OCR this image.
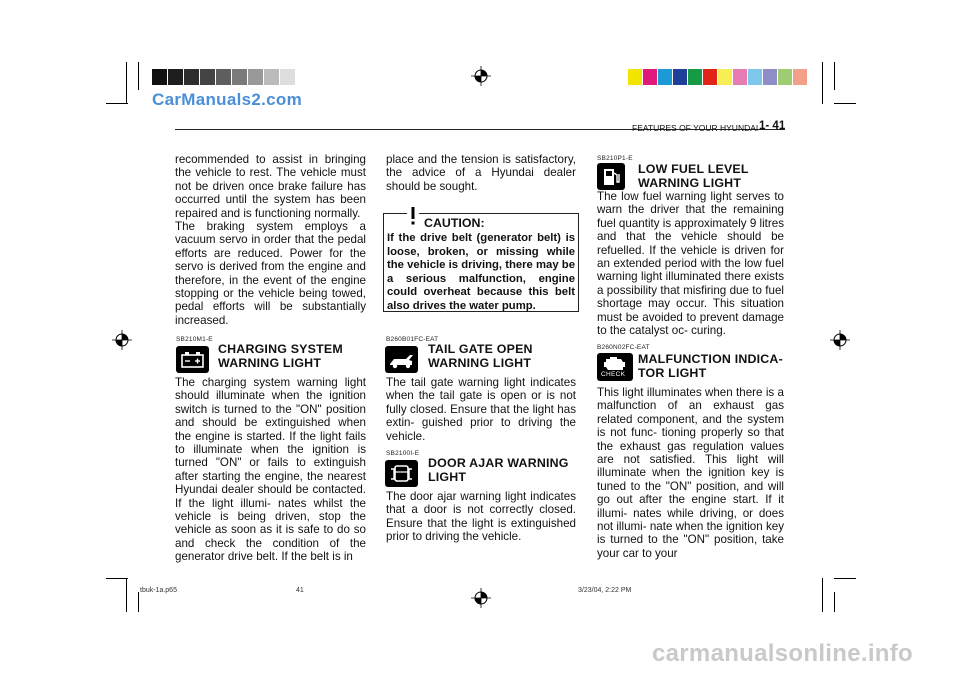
CarManuals2.com
FEATURES OF YOUR HYUNDAI 1- 41

recommended to assist in bringing the vehicle to rest. The vehicle must not be driven once brake failure has occurred until the system has been repaired and is functioning normally.
The braking system employs a vacuum servo in order that the pedal efforts are reduced. Power for the servo is derived from the engine and therefore, in the event of the engine stopping or the vehicle being towed, pedal efforts will be substantially increased.

SB210M1-E
CHARGING SYSTEM
WARNING LIGHT

The charging system warning light should illuminate when the ignition switch is turned to the "ON" position and should be extinguished when the engine is started. If the light fails to illuminate when the ignition is turned "ON" or fails to extinguish after starting the engine, the nearest Hyundai dealer should be contacted. If the light illumi- nates whilst the vehicle is being driven, stop the vehicle as soon as it is safe to do so and check the condition of the generator drive belt. If the belt is in

place and the tension is satisfactory, the advice of a Hyundai dealer should be sought.

CAUTION:

If the drive belt (generator belt) is loose, broken, or missing while the vehicle is driving, there may be a serious malfunction, engine could overheat because this belt also drives the water pump.

B260B01FC-EAT
TAIL GATE OPEN
WARNING LIGHT

The tail gate warning light indicates when the tail gate is open or is not fully closed. Ensure that the light has extin- guished prior to driving the vehicle.

SB2100I-E
DOOR AJAR WARNING
LIGHT

The door ajar warning light indicates that a door is not correctly closed. Ensure that the light is extinguished prior to driving the vehicle.

SB210P1-E
LOW FUEL LEVEL
WARNING LIGHT

The low fuel warning light serves to warn the driver that the remaining fuel quantity is approximately 9 litres and that the vehicle should be refuelled. If the vehicle is driven for an extended period with the low fuel warning light illuminated there exists a possibility that misfiring due to fuel shortage may occur. This situation must be avoided to prevent damage to the catalyst oc- curing.

B260N02FC-EAT
CHECK
MALFUNCTION INDICA-
TOR LIGHT

This light illuminates when there is a malfunction of an exhaust gas related component, and the system is not func- tioning properly so that the exhaust gas regulation values are not satisfied. This light will illuminate when the ignition key is tuned to the "ON" position, and will go out after the engine start. If it illumi- nates while driving, or does not illumi- nate when the ignition key is turned to the "ON" position, take your car to your

tbuk-1a.p65	41	3/23/04, 2:22 PM
carmanualsonline.info
